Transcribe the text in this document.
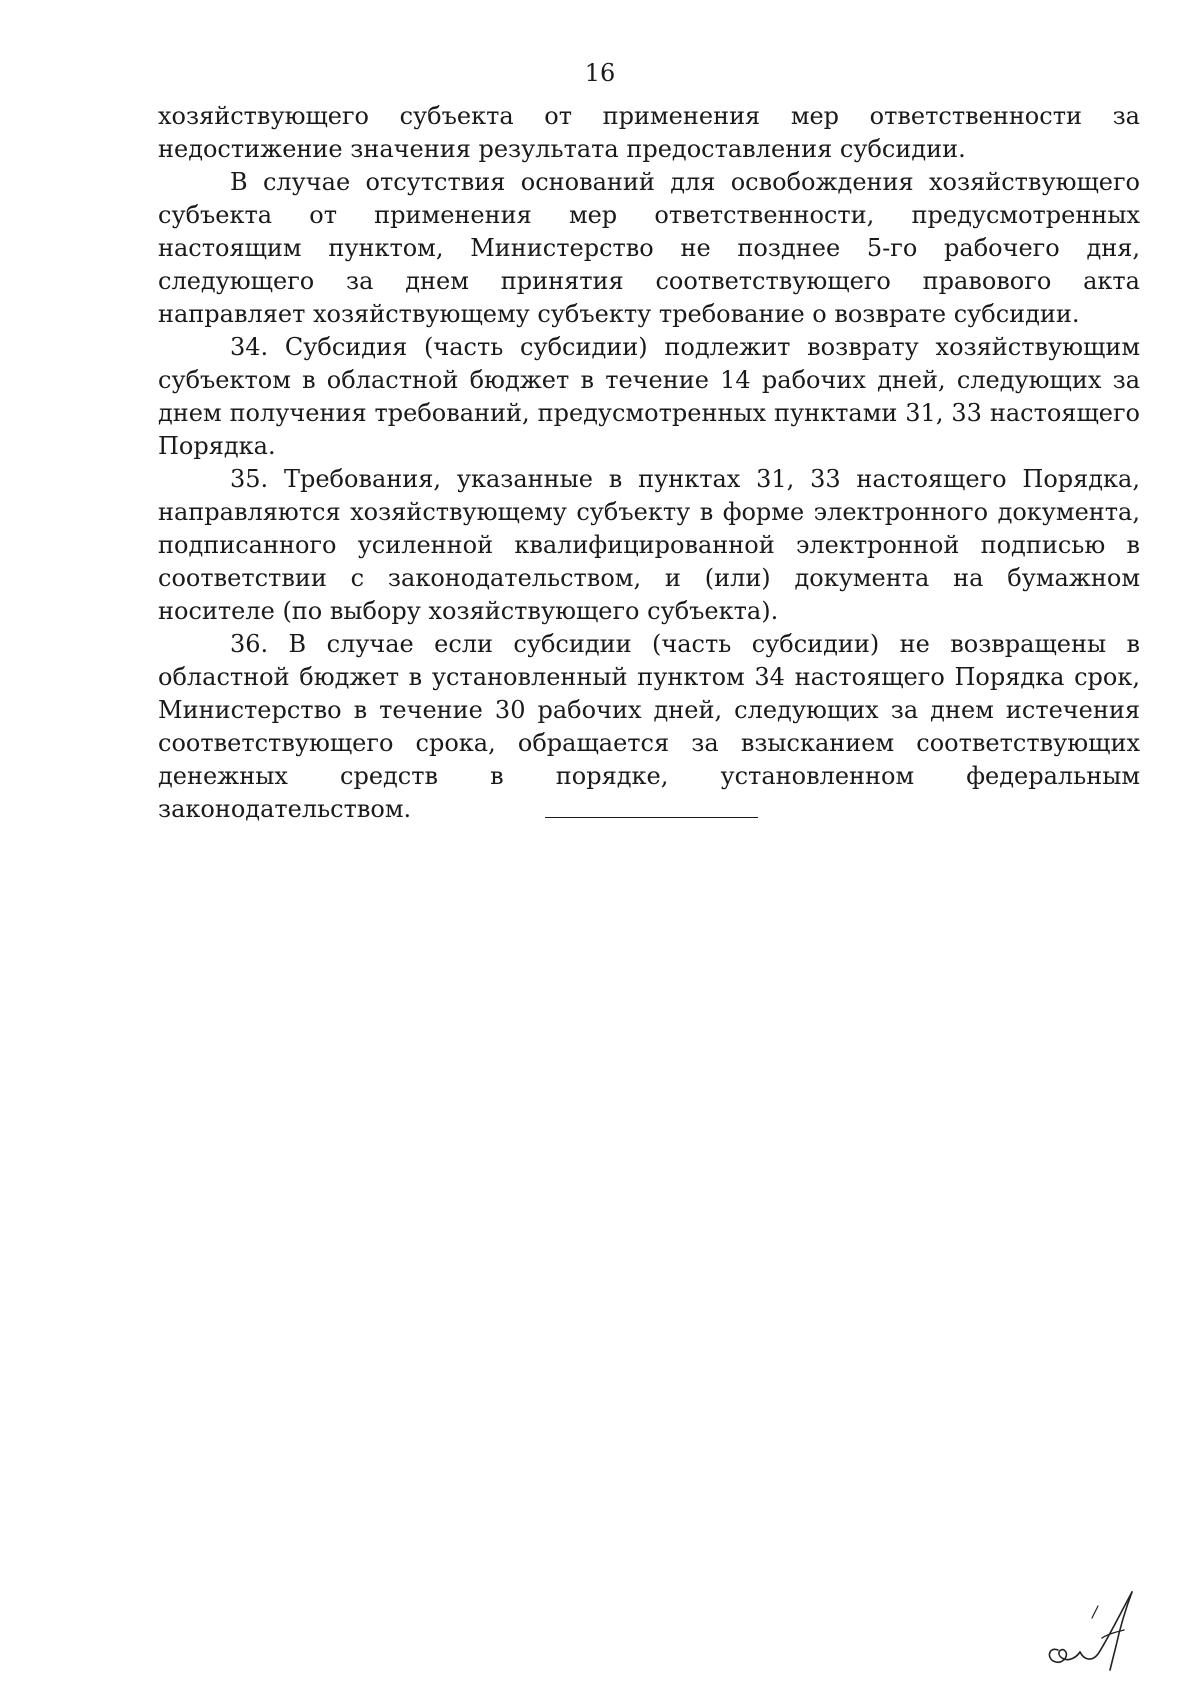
16

хозяйствующего субъекта от применения мер ответственности за недостижение значения результата предоставления субсидии.

В случае отсутствия оснований для освобождения хозяйствующего субъекта от применения мер ответственности, предусмотренных настоящим пунктом, Министерство не позднее 5-го рабочего дня, следующего за днем принятия соответствующего правового акта направляет хозяйствующему субъекту требование о возврате субсидии.

34. Субсидия (часть субсидии) подлежит возврату хозяйствующим субъектом в областной бюджет в течение 14 рабочих дней, следующих за днем получения требований, предусмотренных пунктами 31, 33 настоящего Порядка.

35. Требования, указанные в пунктах 31, 33 настоящего Порядка, направляются хозяйствующему субъекту в форме электронного документа, подписанного усиленной квалифицированной электронной подписью в соответствии с законодательством, и (или) документа на бумажном носителе (по выбору хозяйствующего субъекта).

36. В случае если субсидии (часть субсидии) не возвращены в областной бюджет в установленный пунктом 34 настоящего Порядка срок, Министерство в течение 30 рабочих дней, следующих за днем истечения соответствующего срока, обращается за взысканием соответствующих денежных средств в порядке, установленном федеральным законодательством.
